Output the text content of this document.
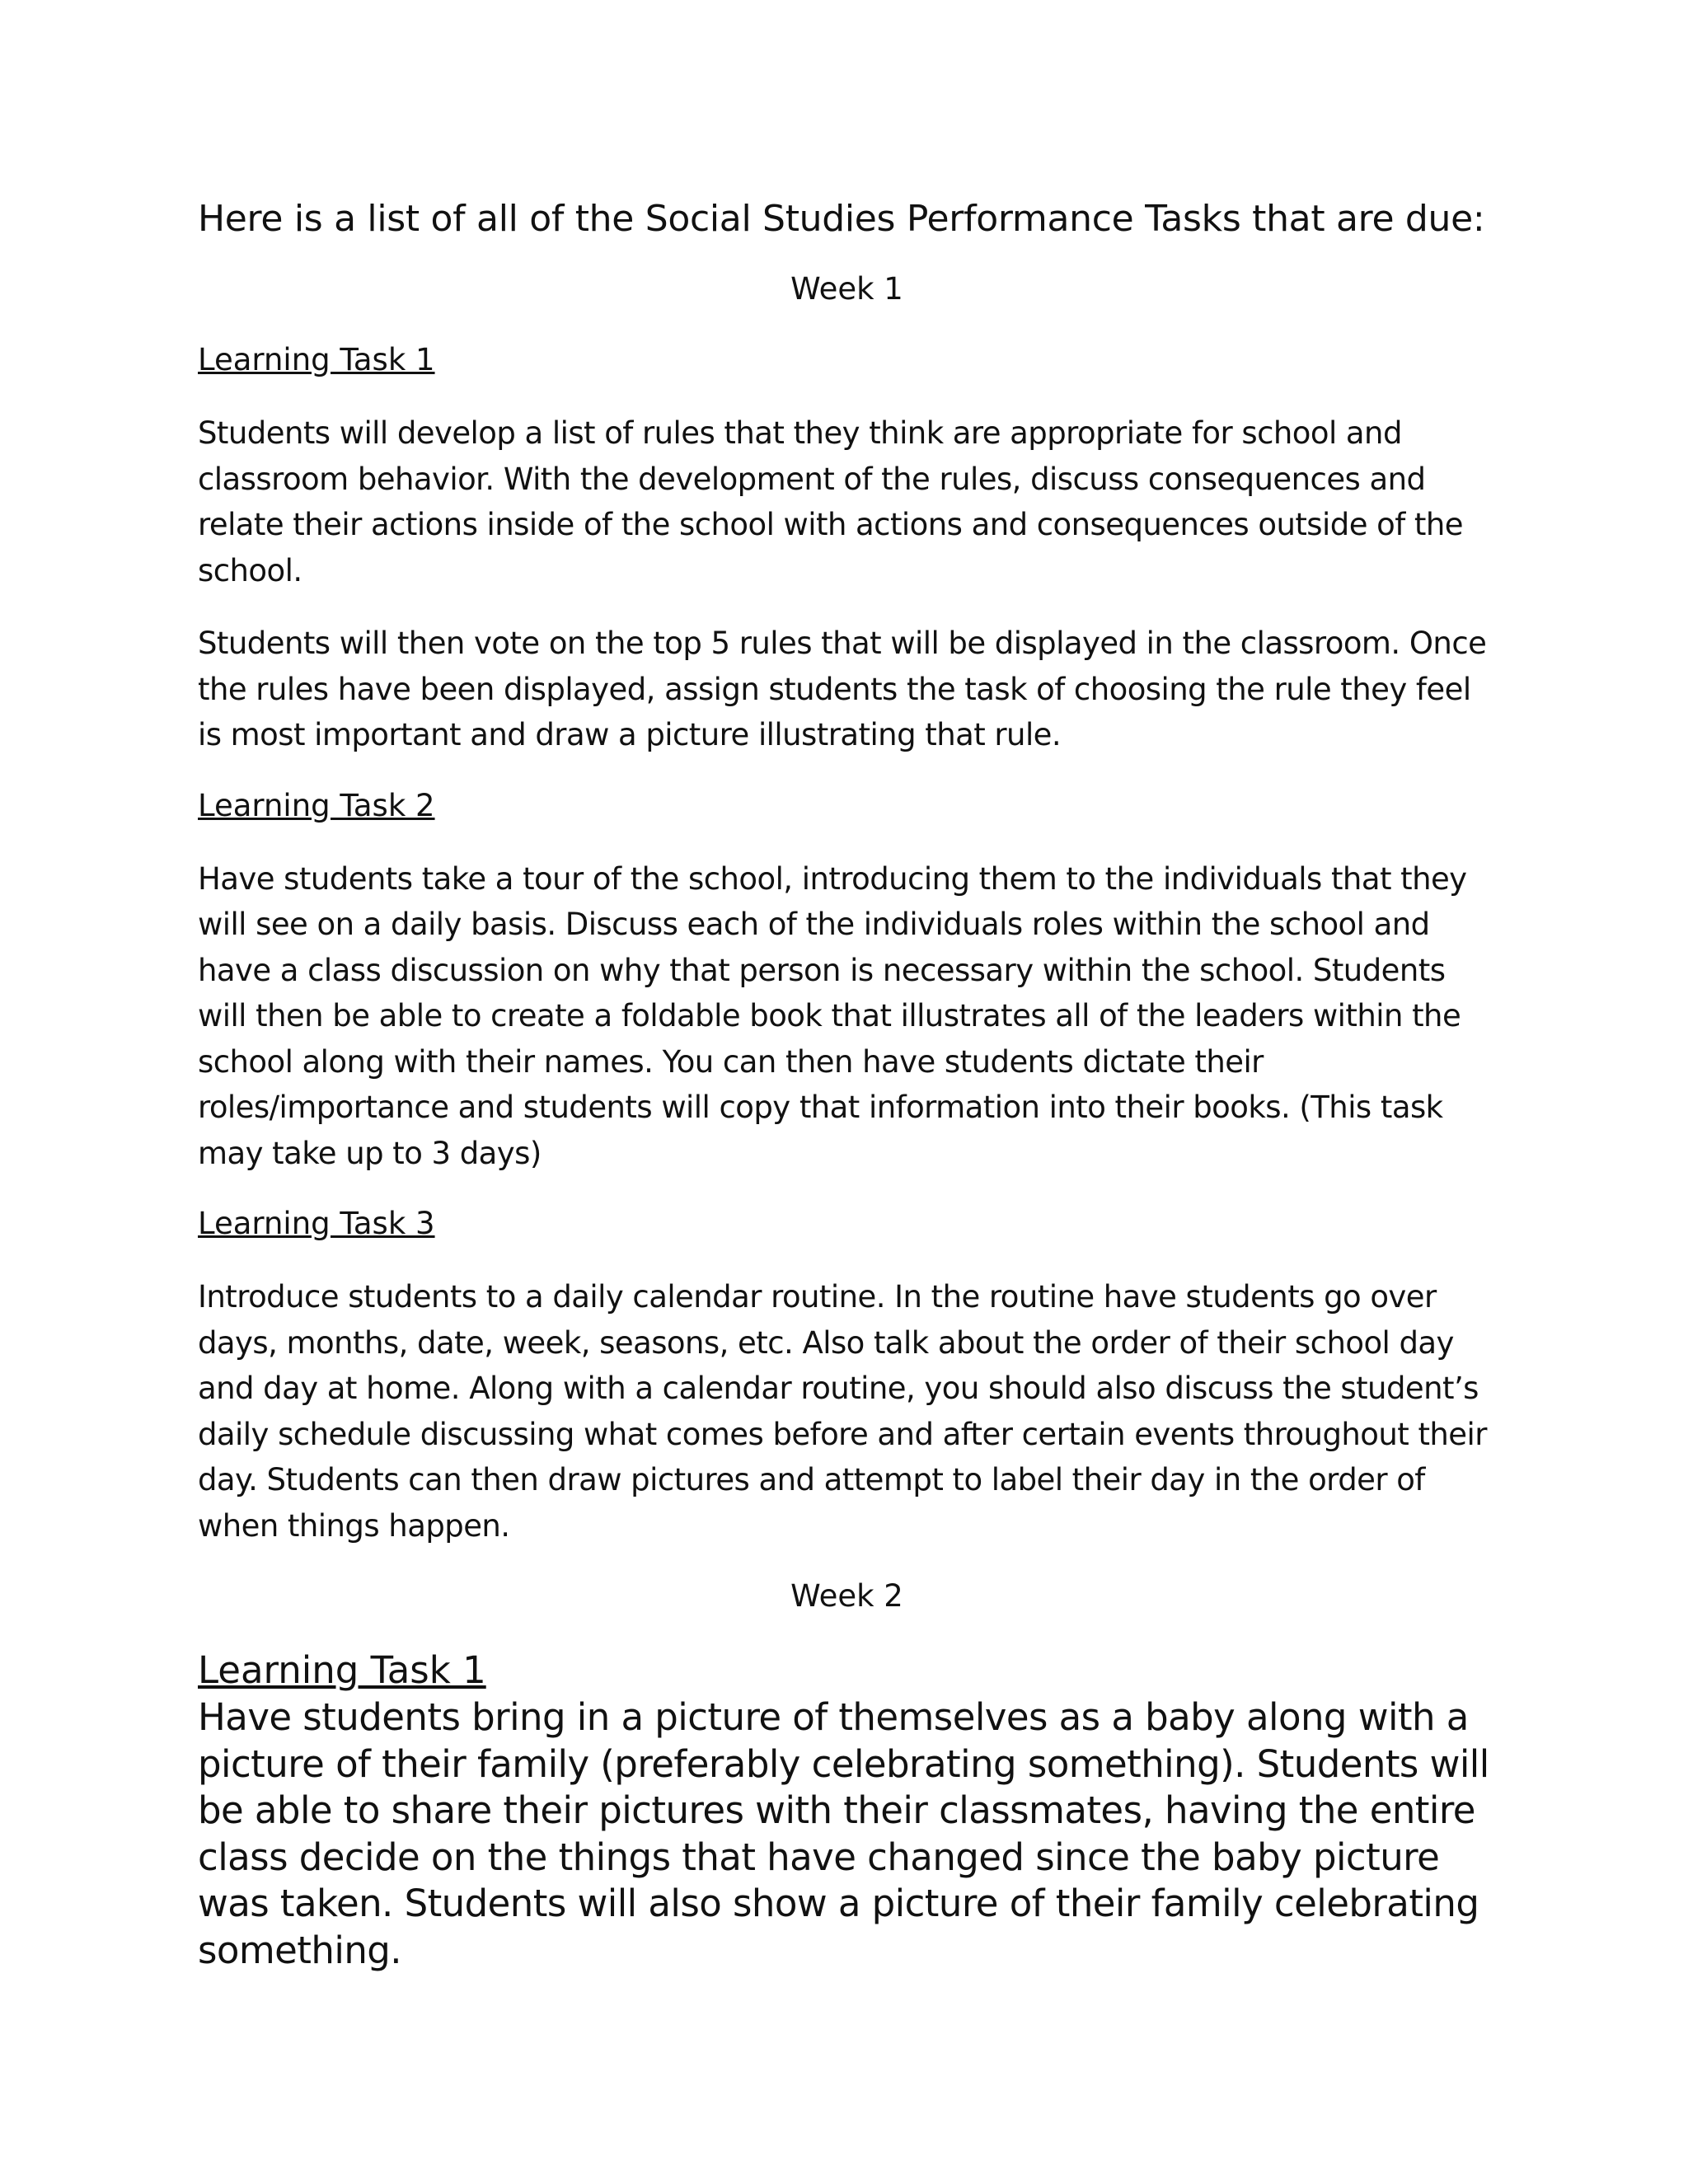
Here is a list of all of the Social Studies Performance Tasks that are due:
Week 1
Learning Task 1
Students will develop a list of rules that they think are appropriate for school and classroom behavior. With the development of the rules, discuss consequences and relate their actions inside of the school with actions and consequences outside of the school.
Students will then vote on the top 5 rules that will be displayed in the classroom. Once the rules have been displayed, assign students the task of choosing the rule they feel is most important and draw a picture illustrating that rule.
Learning Task 2
Have students take a tour of the school, introducing them to the individuals that they will see on a daily basis. Discuss each of the individuals roles within the school and have a class discussion on why that person is necessary within the school. Students will then be able to create a foldable book that illustrates all of the leaders within the school along with their names. You can then have students dictate their roles/importance and students will copy that information into their books. (This task may take up to 3 days)
Learning Task 3
Introduce students to a daily calendar routine. In the routine have students go over days, months, date, week, seasons, etc. Also talk about the order of their school day and day at home. Along with a calendar routine, you should also discuss the student’s daily schedule discussing what comes before and after certain events throughout their day. Students can then draw pictures and attempt to label their day in the order of when things happen.
Week 2
Learning Task 1
Have students bring in a picture of themselves as a baby along with a picture of their family (preferably celebrating something). Students will be able to share their pictures with their classmates, having the entire class decide on the things that have changed since the baby picture was taken. Students will also show a picture of their family celebrating something.
